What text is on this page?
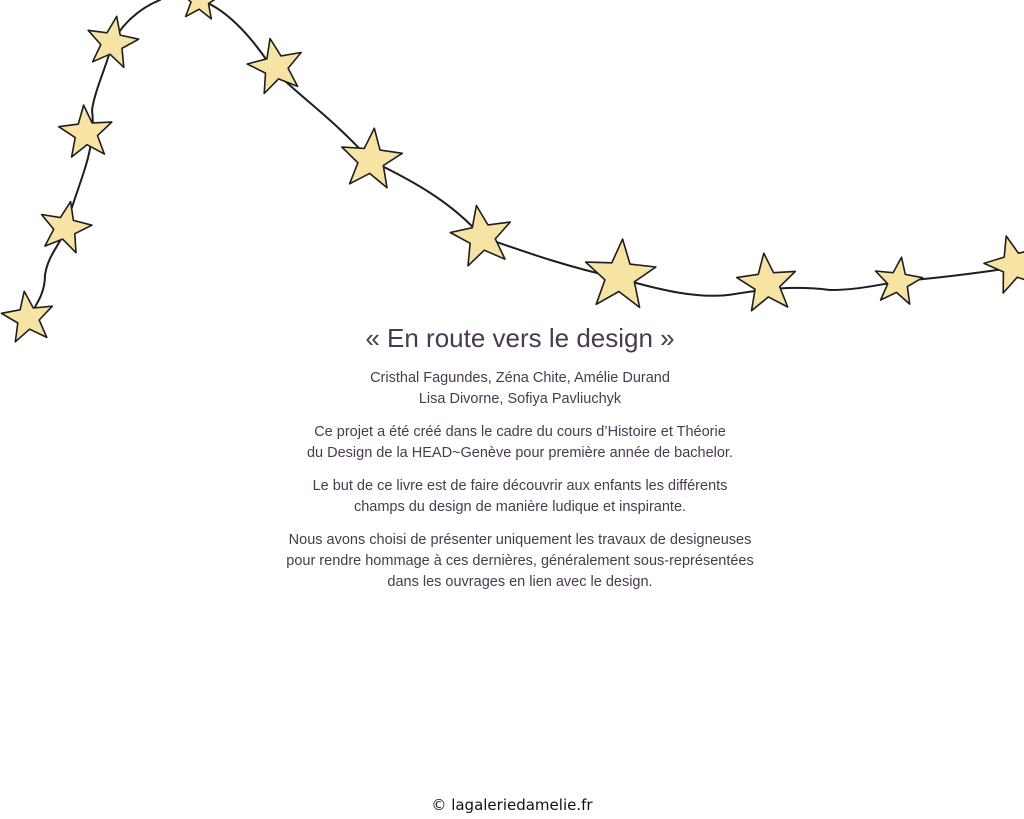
« En route vers le design »
Cristhal Fagundes, Zéna Chite, Amélie Durand
Lisa Divorne, Sofiya Pavliuchyk

Ce projet a été créé dans le cadre du cours d’Histoire et Théorie
du Design de la HEAD~Genève pour première année de bachelor.

Le but de ce livre est de faire découvrir aux enfants les différents
champs du design de manière ludique et inspirante.

Nous avons choisi de présenter uniquement les travaux de designeuses
pour rendre hommage à ces dernières, généralement sous-représentées
dans les ouvrages en lien avec le design.

© lagaleriedamelie.fr
